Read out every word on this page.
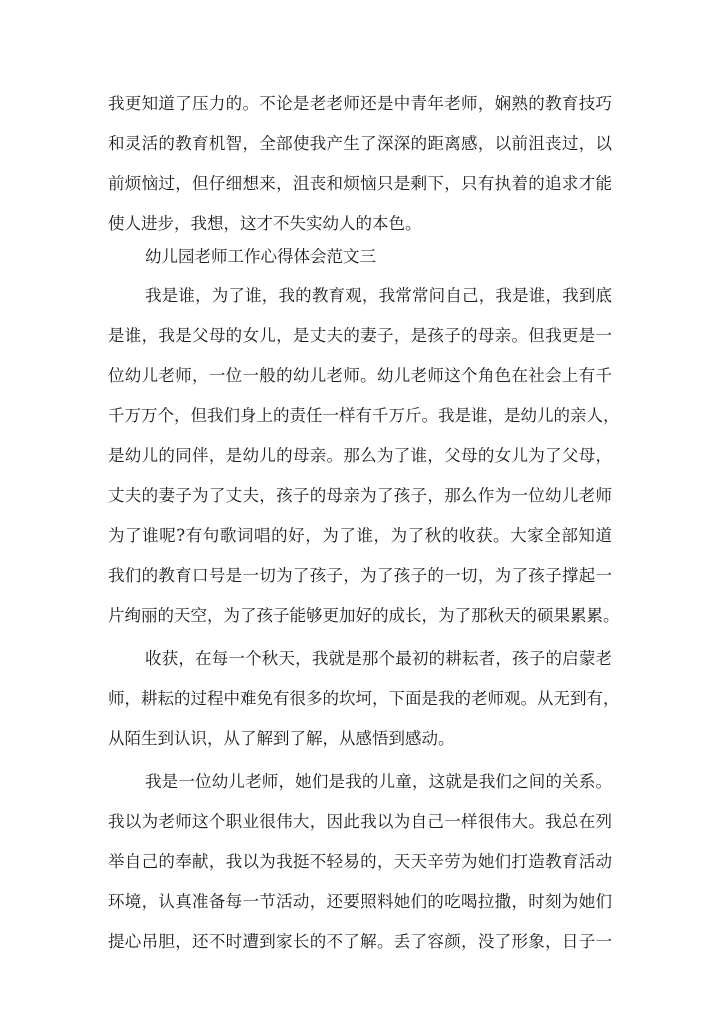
我更知道了压力的。不论是老老师还是中青年老师，娴熟的教育技巧
和灵活的教育机智，全部使我产生了深深的距离感，以前沮丧过，以
前烦恼过，但仔细想来，沮丧和烦恼只是剩下，只有执着的追求才能
使人进步，我想，这才不失实幼人的本色。
幼儿园老师工作心得体会范文三
我是谁，为了谁，我的教育观，我常常问自己，我是谁，我到底
是谁，我是父母的女儿，是丈夫的妻子，是孩子的母亲。但我更是一
位幼儿老师，一位一般的幼儿老师。幼儿老师这个角色在社会上有千
千万万个，但我们身上的责任一样有千万斤。我是谁，是幼儿的亲人，
是幼儿的同伴，是幼儿的母亲。那么为了谁，父母的女儿为了父母，
丈夫的妻子为了丈夫，孩子的母亲为了孩子，那么作为一位幼儿老师
为了谁呢?有句歌词唱的好，为了谁，为了秋的收获。大家全部知道
我们的教育口号是一切为了孩子，为了孩子的一切，为了孩子撑起一
片绚丽的天空，为了孩子能够更加好的成长，为了那秋天的硕果累累。
收获，在每一个秋天，我就是那个最初的耕耘者，孩子的启蒙老
师，耕耘的过程中难免有很多的坎坷，下面是我的老师观。从无到有，
从陌生到认识，从了解到了解，从感悟到感动。
我是一位幼儿老师，她们是我的儿童，这就是我们之间的关系。
我以为老师这个职业很伟大，因此我以为自己一样很伟大。我总在列
举自己的奉献，我以为我挺不轻易的，天天辛劳为她们打造教育活动
环境，认真准备每一节活动，还要照料她们的吃喝拉撒，时刻为她们
提心吊胆，还不时遭到家长的不了解。丢了容颜，没了形象，日子一
